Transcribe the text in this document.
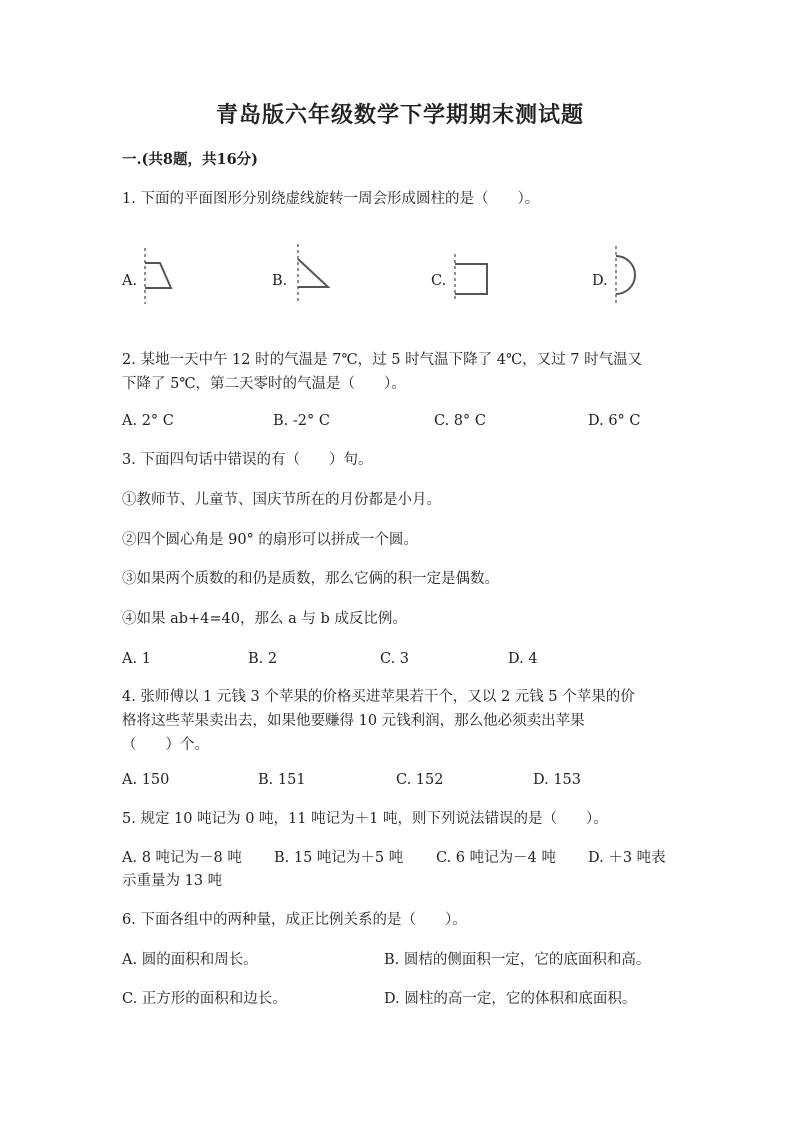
青岛版六年级数学下学期期末测试题
一.(共8题，共16分)
1. 下面的平面图形分别绕虚线旋转一周会形成圆柱的是（　　）。
A.	B.	C.	D.
2. 某地一天中午 12 时的气温是 7℃，过 5 时气温下降了 4℃，又过 7 时气温又
下降了 5℃，第二天零时的气温是（　　）。
A. 2° C	B. -2° C	C. 8° C	D. 6° C
3. 下面四句话中错误的有（　　）句。
①教师节、儿童节、国庆节所在的月份都是小月。
②四个圆心角是 90° 的扇形可以拼成一个圆。
③如果两个质数的和仍是质数，那么它俩的积一定是偶数。
④如果 ab+4=40，那么 a 与 b 成反比例。
A. 1	B. 2	C. 3	D. 4
4. 张师傅以 1 元钱 3 个苹果的价格买进苹果若干个，又以 2 元钱 5 个苹果的价
格将这些苹果卖出去，如果他要赚得 10 元钱利润，那么他必须卖出苹果
（　　）个。
A. 150	B. 151	C. 152	D. 153
5. 规定 10 吨记为 0 吨，11 吨记为＋1 吨，则下列说法错误的是（　　）。
A. 8 吨记为－8 吨 B. 15 吨记为＋5 吨 C. 6 吨记为－4 吨 D. ＋3 吨表
示重量为 13 吨
6. 下面各组中的两种量，成正比例关系的是（　　）。
A. 圆的面积和周长。	B. 圆桔的侧面积一定，它的底面积和高。
C. 正方形的面积和边长。	D. 圆柱的高一定，它的体积和底面积。
